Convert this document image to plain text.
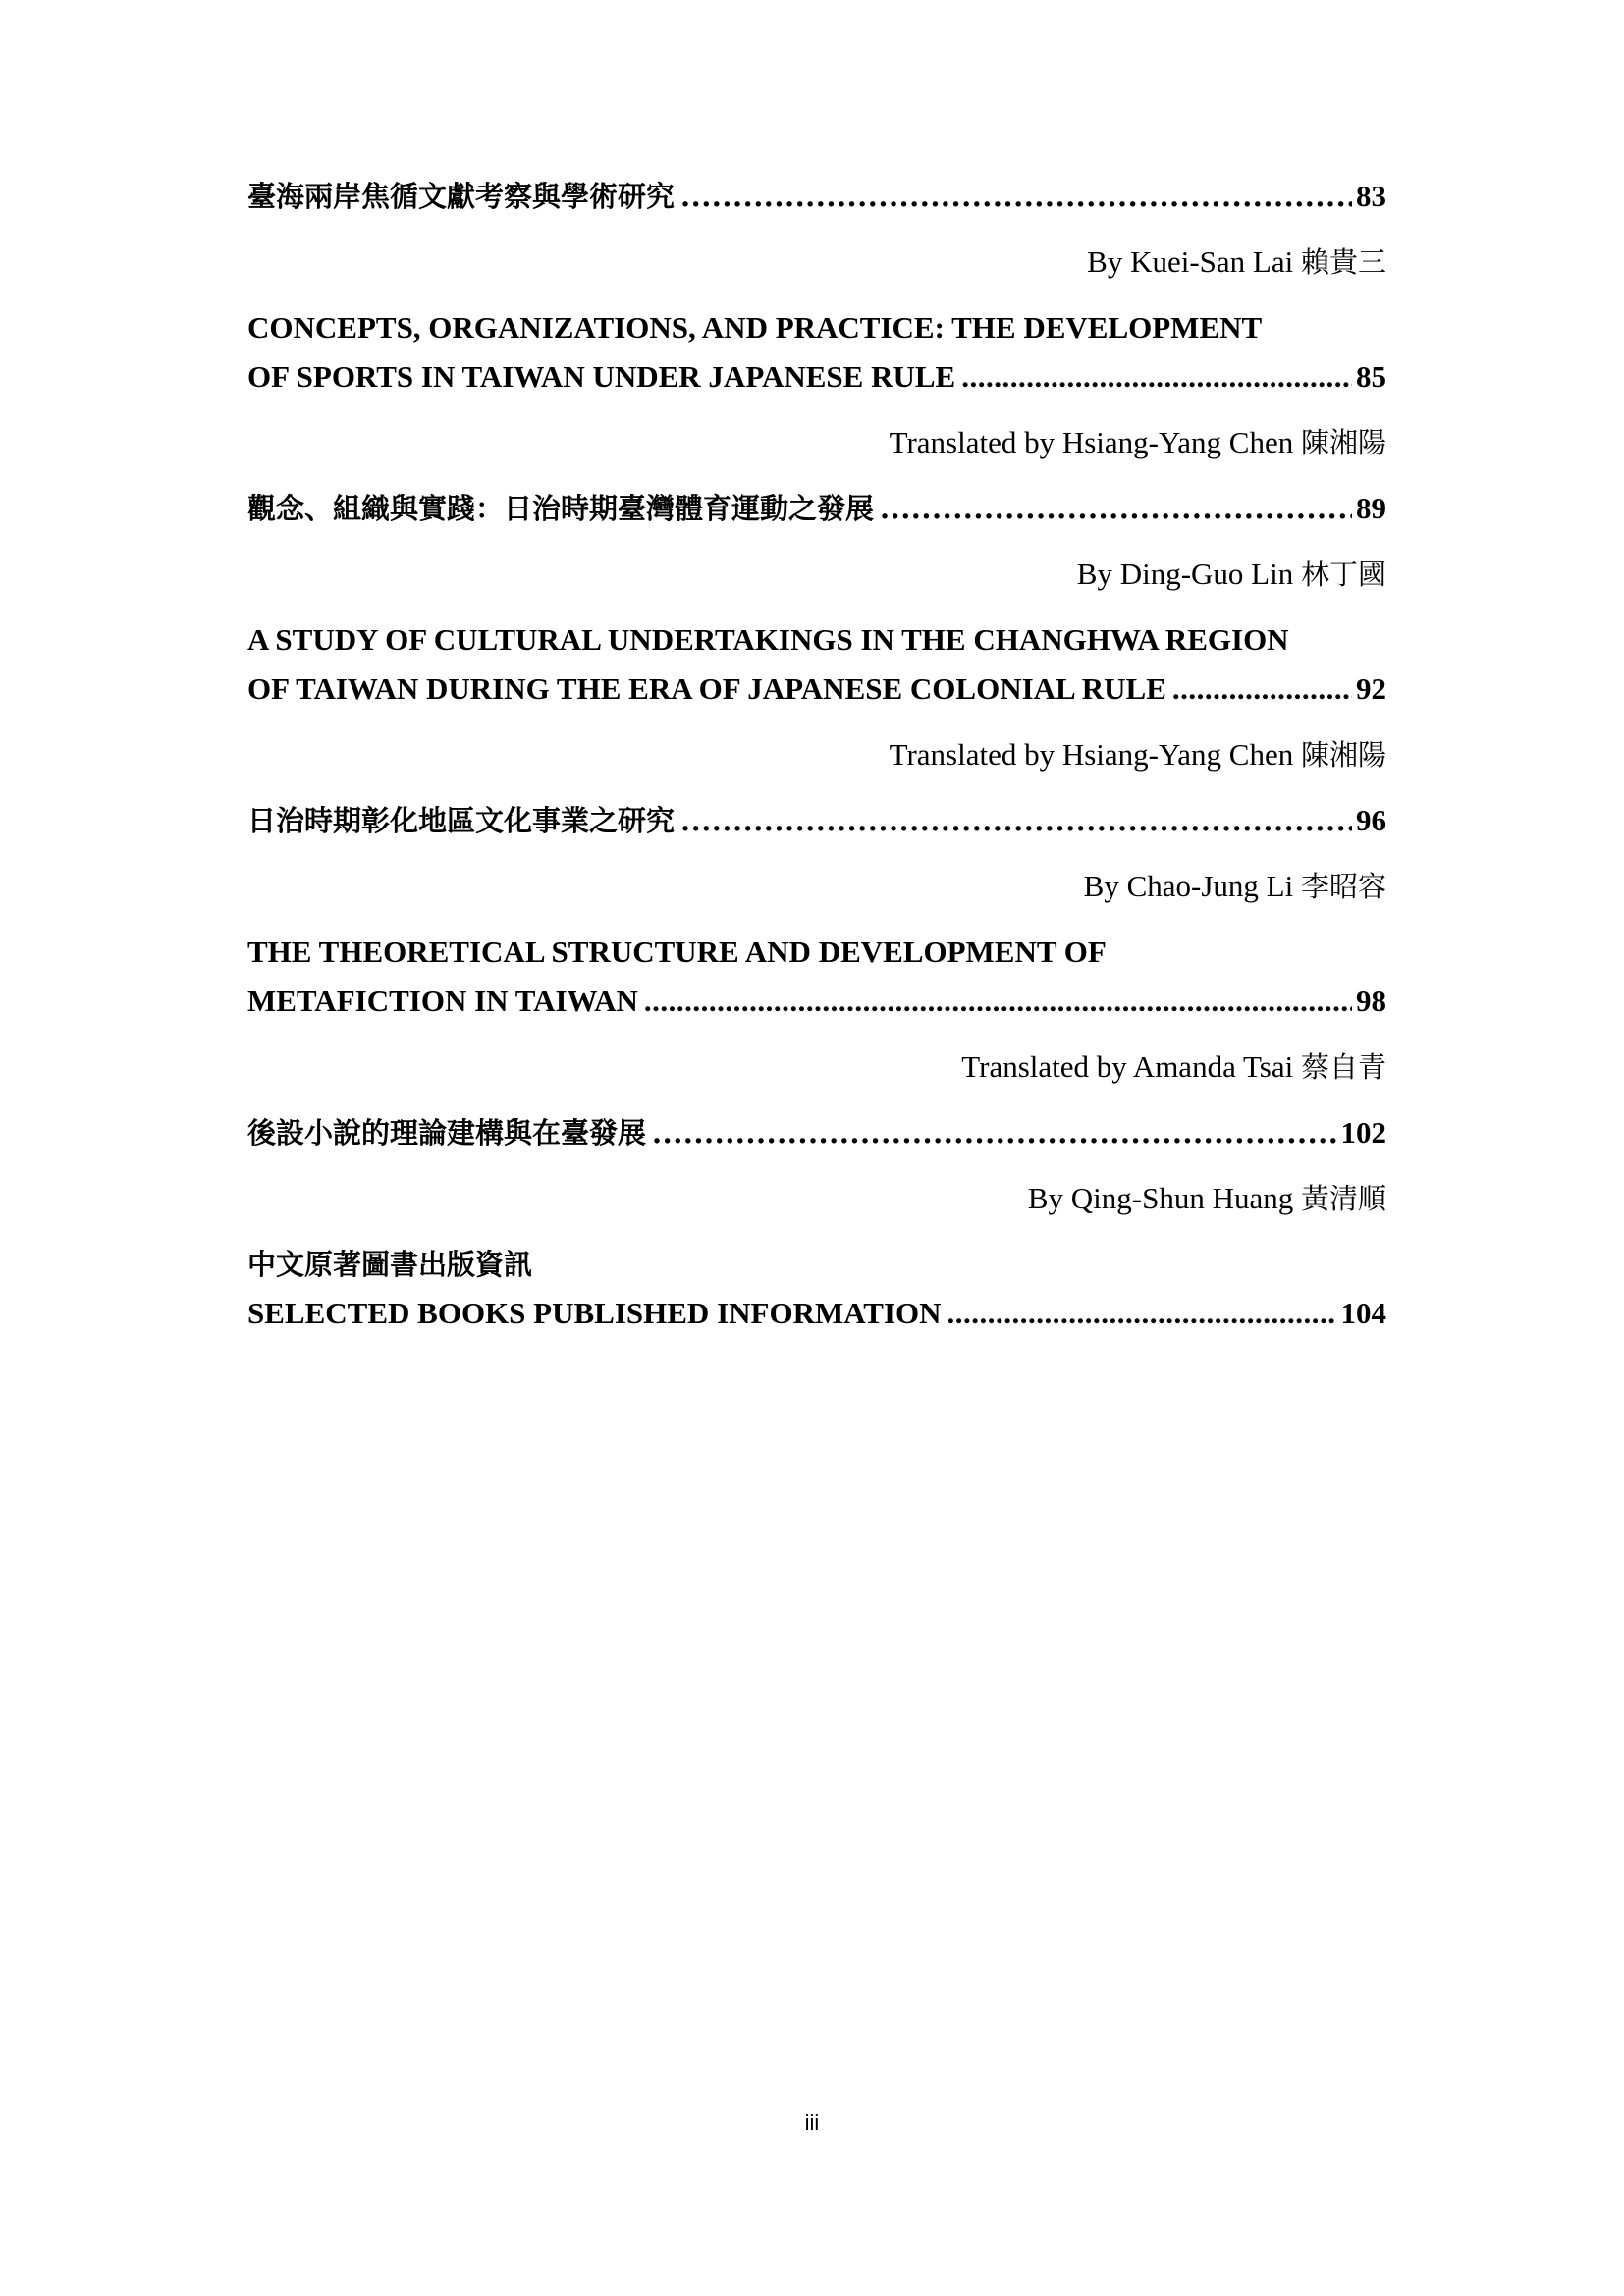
臺海兩岸焦循文獻考察與學術研究 .....	83
By Kuei-San Lai 賴貴三
CONCEPTS, ORGANIZATIONS, AND PRACTICE: THE DEVELOPMENT
OF SPORTS IN TAIWAN UNDER JAPANESE RULE .....	85
Translated by Hsiang-Yang Chen 陳湘陽
觀念、組織與實踐：日治時期臺灣體育運動之發展 .....	89
By Ding-Guo Lin 林丁國
A STUDY OF CULTURAL UNDERTAKINGS IN THE CHANGHWA REGION
OF TAIWAN DURING THE ERA OF JAPANESE COLONIAL RULE .....	92
Translated by Hsiang-Yang Chen 陳湘陽
日治時期彰化地區文化事業之研究 .....	96
By Chao-Jung Li 李昭容
THE THEORETICAL STRUCTURE AND DEVELOPMENT OF
METAFICTION IN TAIWAN .....	98
Translated by Amanda Tsai 蔡自青
後設小說的理論建構與在臺發展 .....	102
By Qing-Shun Huang 黃清順
中文原著圖書出版資訊
SELECTED BOOKS PUBLISHED INFORMATION .....	104
iii
